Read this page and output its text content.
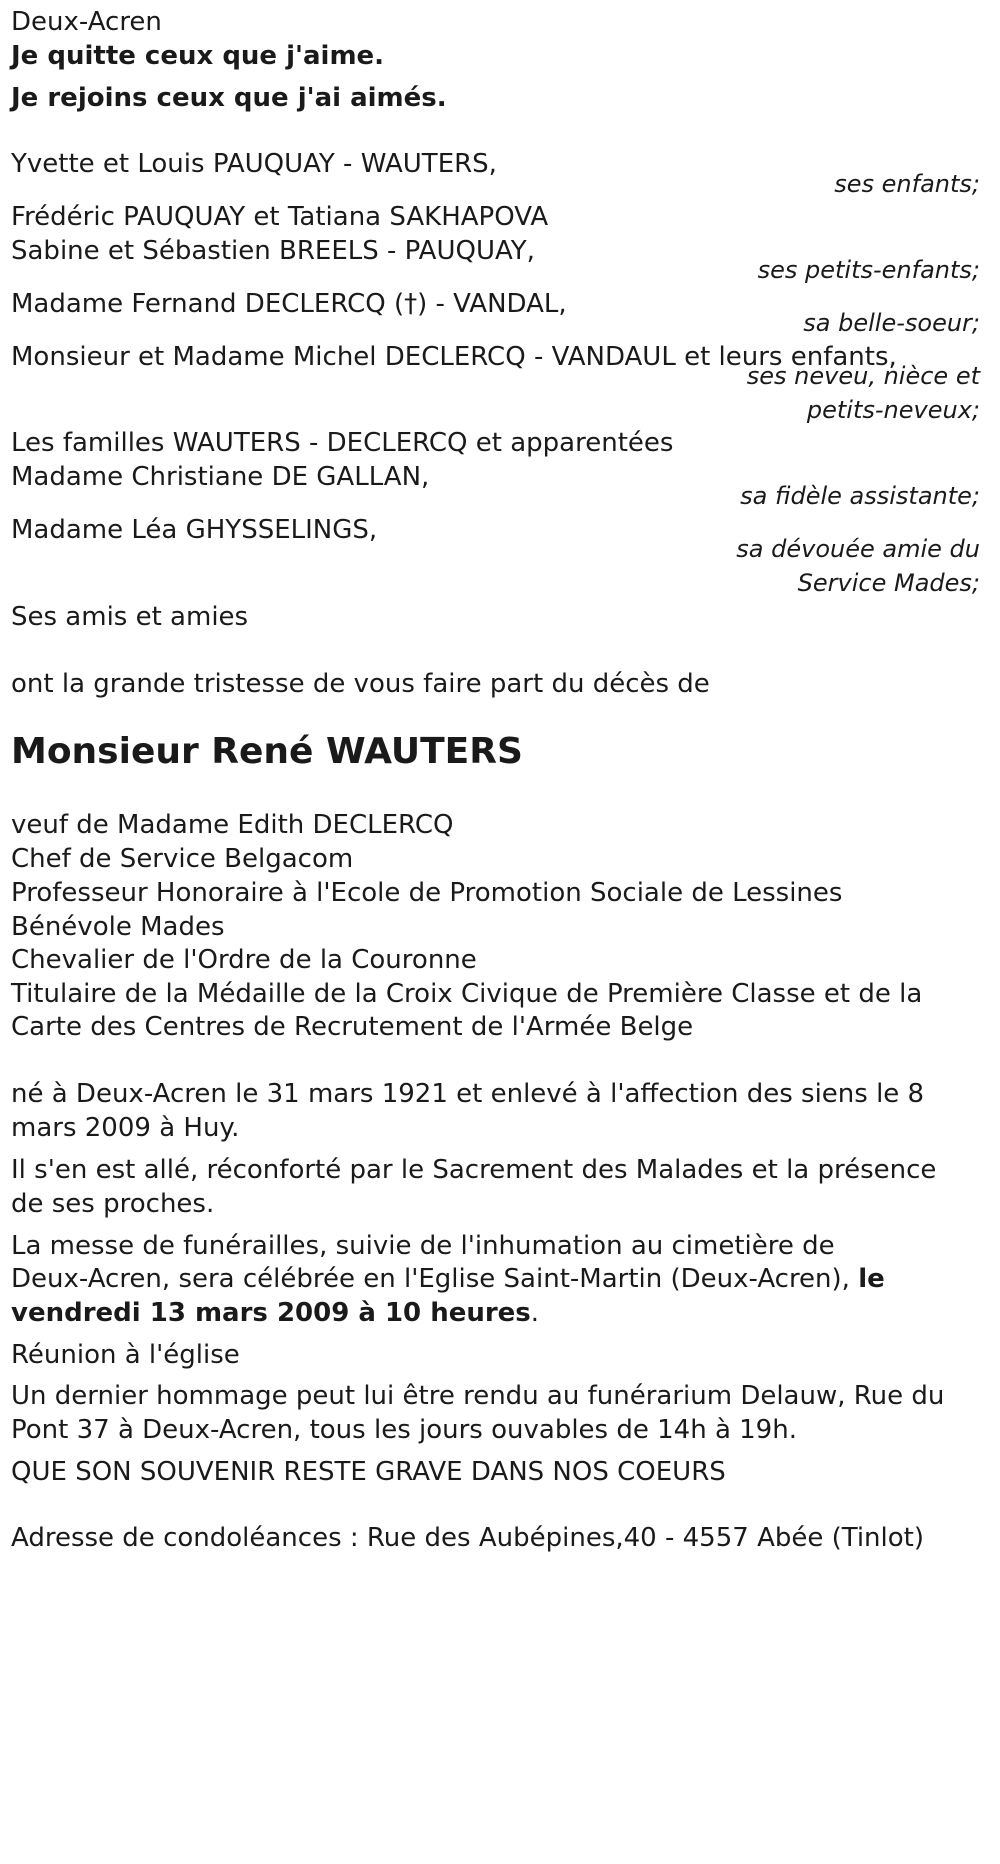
Deux-Acren
Je quitte ceux que j'aime.
Je rejoins ceux que j'ai aimés.
Yvette et Louis PAUQUAY - WAUTERS,
ses enfants;
Frédéric PAUQUAY et Tatiana SAKHAPOVA
Sabine et Sébastien BREELS - PAUQUAY,
ses petits-enfants;
Madame Fernand DECLERCQ (†) - VANDAL,
sa belle-soeur;
Monsieur et Madame Michel DECLERCQ - VANDAUL et leurs enfants,
ses neveu, nièce et
petits-neveux;
Les familles WAUTERS - DECLERCQ et apparentées
Madame Christiane DE GALLAN,
sa fidèle assistante;
Madame Léa GHYSSELINGS,
sa dévouée amie du
Service Mades;
Ses amis et amies
ont la grande tristesse de vous faire part du décès de
Monsieur René WAUTERS
veuf de Madame Edith DECLERCQ
Chef de Service Belgacom
Professeur Honoraire à l'Ecole de Promotion Sociale de Lessines
Bénévole Mades
Chevalier de l'Ordre de la Couronne
Titulaire de la Médaille de la Croix Civique de Première Classe et de la
Carte des Centres de Recrutement de l'Armée Belge
né à Deux-Acren le 31 mars 1921 et enlevé à l'affection des siens le 8
mars 2009 à Huy.
Il s'en est allé, réconforté par le Sacrement des Malades et la présence
de ses proches.
La messe de funérailles, suivie de l'inhumation au cimetière de
Deux-Acren, sera célébrée en l'Eglise Saint-Martin (Deux-Acren), le
vendredi 13 mars 2009 à 10 heures.
Réunion à l'église
Un dernier hommage peut lui être rendu au funérarium Delauw, Rue du
Pont 37 à Deux-Acren, tous les jours ouvables de 14h à 19h.
QUE SON SOUVENIR RESTE GRAVE DANS NOS COEURS
Adresse de condoléances : Rue des Aubépines,40 - 4557 Abée (Tinlot)
